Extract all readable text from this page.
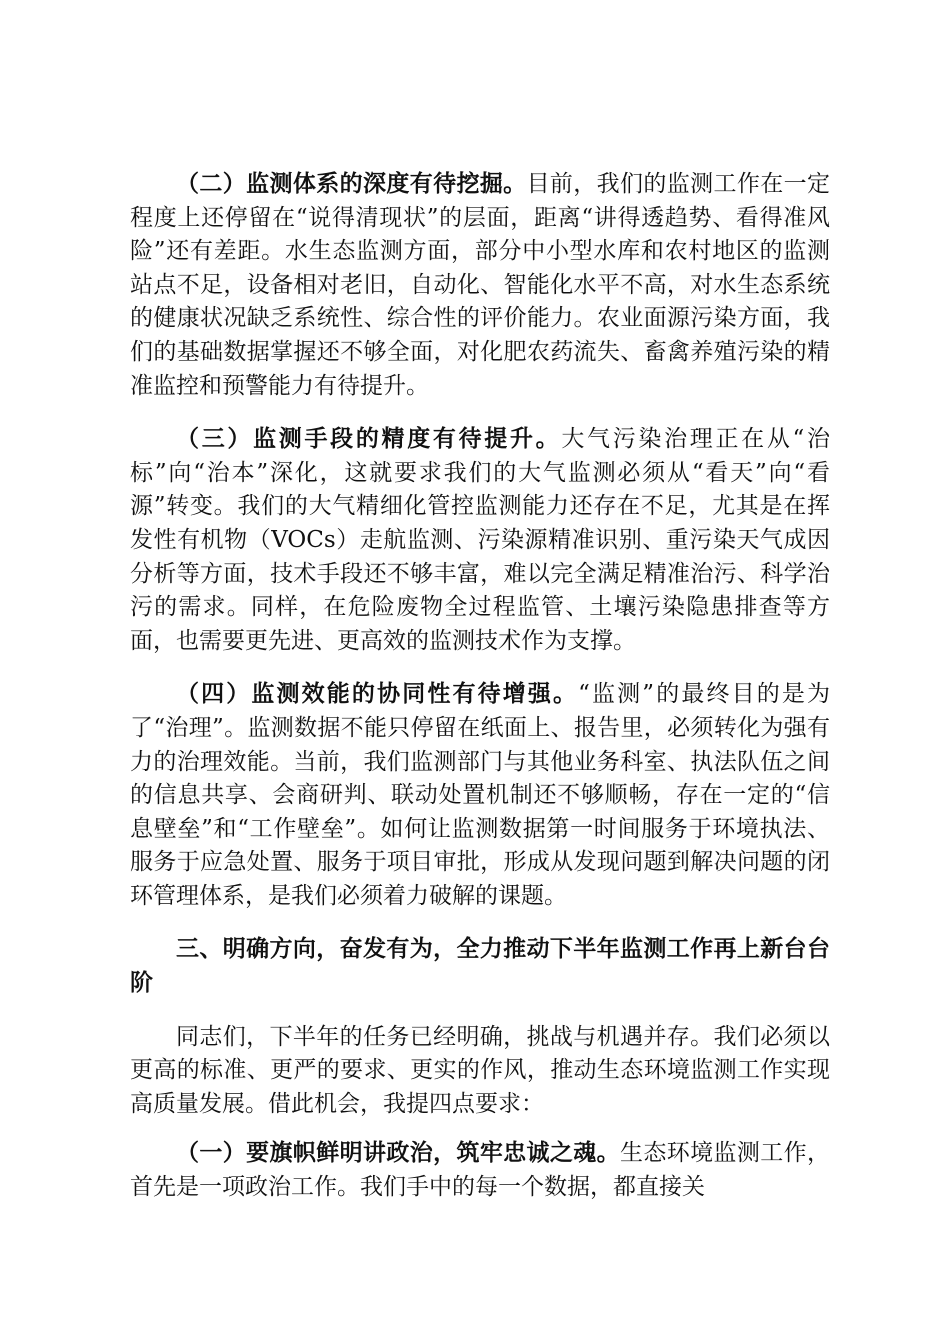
（二）监测体系的深度有待挖掘。目前，我们的监测工作在一定程度上还停留在“说得清现状”的层面，距离“讲得透趋势、看得准风险”还有差距。水生态监测方面，部分中小型水库和农村地区的监测站点不足，设备相对老旧，自动化、智能化水平不高，对水生态系统的健康状况缺乏系统性、综合性的评价能力。农业面源污染方面，我们的基础数据掌握还不够全面，对化肥农药流失、畜禽养殖污染的精准监控和预警能力有待提升。

（三）监测手段的精度有待提升。大气污染治理正在从“治标”向“治本”深化，这就要求我们的大气监测必须从“看天”向“看源”转变。我们的大气精细化管控监测能力还存在不足，尤其是在挥发性有机物（VOCs）走航监测、污染源精准识别、重污染天气成因分析等方面，技术手段还不够丰富，难以完全满足精准治污、科学治污的需求。同样，在危险废物全过程监管、土壤污染隐患排查等方面，也需要更先进、更高效的监测技术作为支撑。

（四）监测效能的协同性有待增强。“监测”的最终目的是为了“治理”。监测数据不能只停留在纸面上、报告里，必须转化为强有力的治理效能。当前，我们监测部门与其他业务科室、执法队伍之间的信息共享、会商研判、联动处置机制还不够顺畅，存在一定的“信息壁垒”和“工作壁垒”。如何让监测数据第一时间服务于环境执法、服务于应急处置、服务于项目审批，形成从发现问题到解决问题的闭环管理体系，是我们必须着力破解的课题。

三、明确方向，奋发有为，全力推动下半年监测工作再上新台台阶

同志们，下半年的任务已经明确，挑战与机遇并存。我们必须以更高的标准、更严的要求、更实的作风，推动生态环境监测工作实现高质量发展。借此机会，我提四点要求：

（一）要旗帜鲜明讲政治，筑牢忠诚之魂。生态环境监测工作，首先是一项政治工作。我们手中的每一个数据，都直接关
